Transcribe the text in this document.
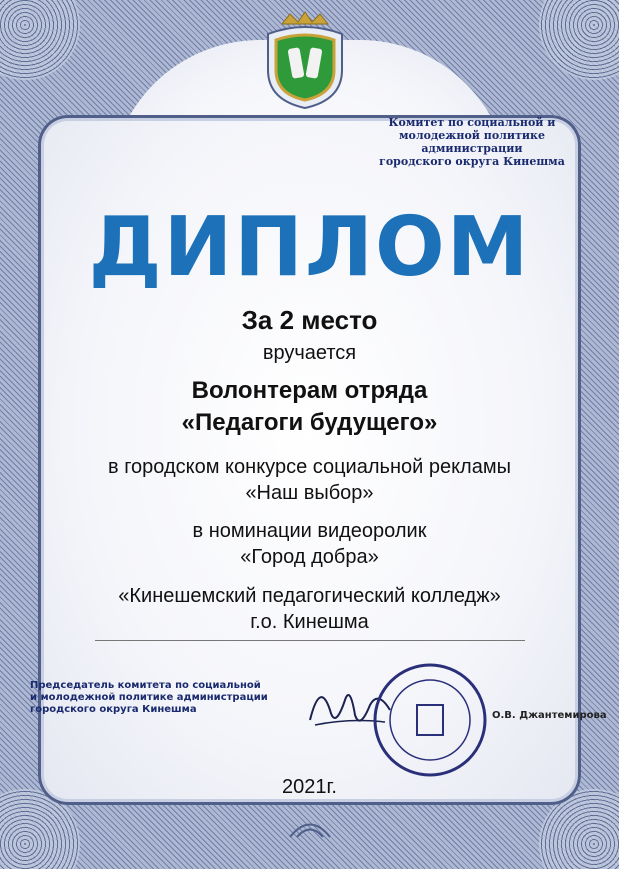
Комитет по социальной и
молодежной политике
администрации
городского округа Кинешма
ДИПЛОМ
За 2 место
вручается
Волонтерам отряда
«Педагоги будущего»
в городском конкурсе социальной рекламы
«Наш выбор»
в номинации видеоролик
«Город добра»
«Кинешемский педагогический колледж»
г.о. Кинешма
Председатель комитета по социальной
и молодежной политике администрации
городского округа Кинешма
О.В. Джантемирова
2021г.
